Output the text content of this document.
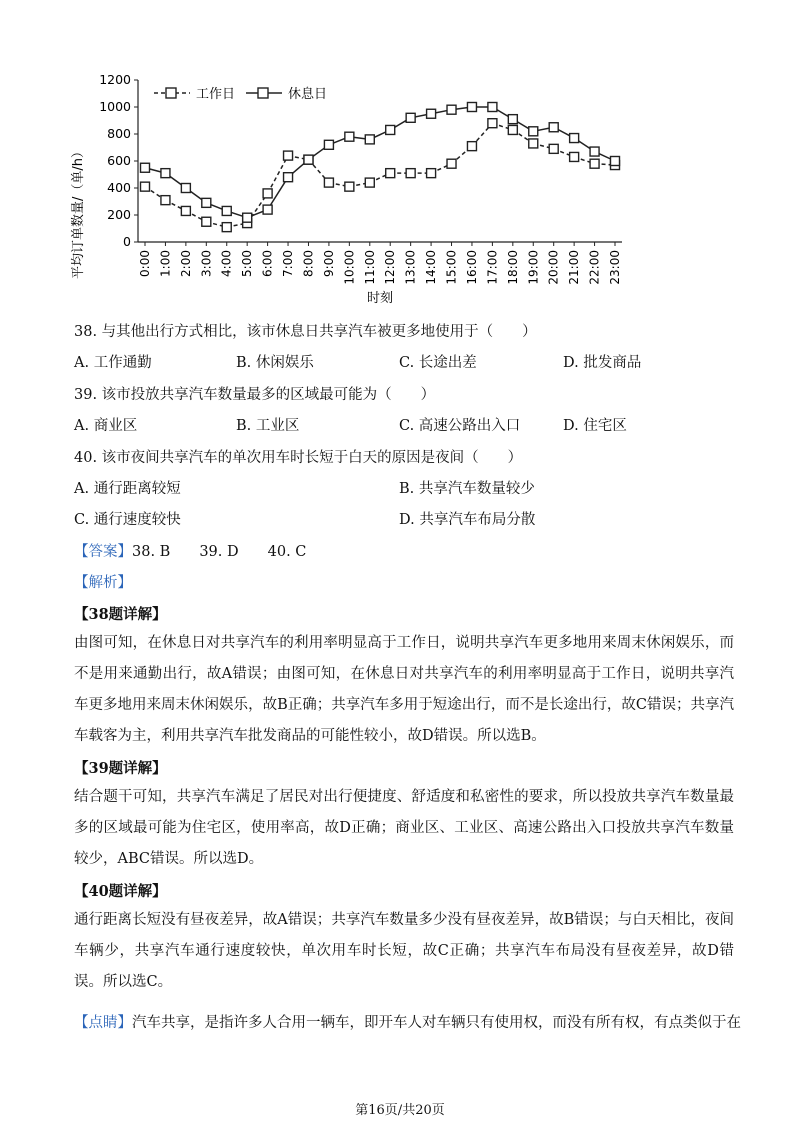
0
200
400
600
800
1000
1200
0:00 1:00 2:00 3:00 4:00 5:00 6:00 7:00 8:00 9:00 10:00 11:00 12:00 13:00 14:00 15:00 16:00 17:00 18:00 19:00 20:00 21:00 22:00 23:00
平均订单数量/（单/h）
时刻
工作日	休息日
38. 与其他出行方式相比，该市休息日共享汽车被更多地使用于（　　）
A. 工作通勤	B. 休闲娱乐	C. 长途出差	D. 批发商品
39. 该市投放共享汽车数量最多的区域最可能为（　　）
A. 商业区	B. 工业区	C. 高速公路出入口	D. 住宅区
40. 该市夜间共享汽车的单次用车时长短于白天的原因是夜间（　　）
A. 通行距离较短	B. 共享汽车数量较少
C. 通行速度较快	D. 共享汽车布局分散
【答案】38. B　　39. D　　40. C
【解析】
【38题详解】
由图可知，在休息日对共享汽车的利用率明显高于工作日，说明共享汽车更多地用来周末休闲娱乐，而不是用来通勤出行，故A错误；由图可知，在休息日对共享汽车的利用率明显高于工作日，说明共享汽车更多地用来周末休闲娱乐，故B正确；共享汽车多用于短途出行，而不是长途出行，故C错误；共享汽车载客为主，利用共享汽车批发商品的可能性较小，故D错误。所以选B。
【39题详解】
结合题干可知，共享汽车满足了居民对出行便捷度、舒适度和私密性的要求，所以投放共享汽车数量最多的区域最可能为住宅区，使用率高，故D正确；商业区、工业区、高速公路出入口投放共享汽车数量较少，ABC错误。所以选D。
【40题详解】
通行距离长短没有昼夜差异，故A错误；共享汽车数量多少没有昼夜差异，故B错误；与白天相比，夜间车辆少，共享汽车通行速度较快，单次用车时长短，故C正确；共享汽车布局没有昼夜差异，故D错误。所以选C。
【点睛】汽车共享，是指许多人合用一辆车，即开车人对车辆只有使用权，而没有所有权，有点类似于在
第16页/共20页
